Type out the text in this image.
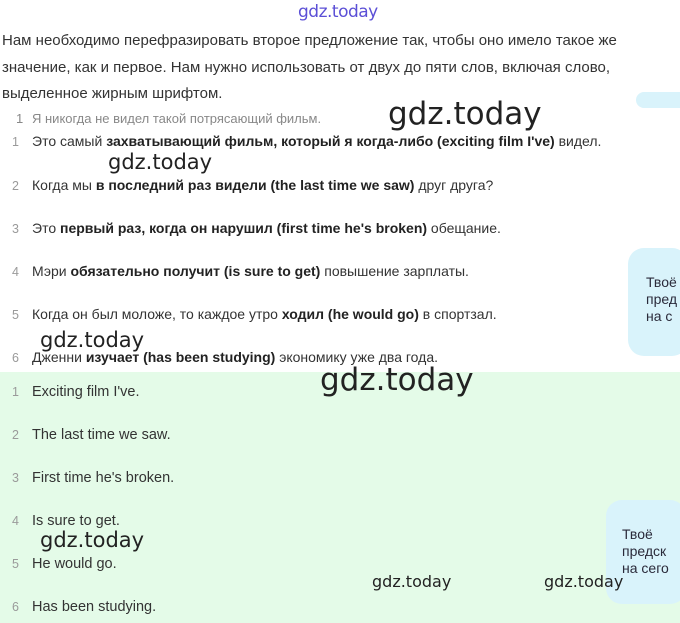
gdz.today
Нам необходимо перефразировать второе предложение так, чтобы оно имело такое же значение, как и первое. Нам нужно использовать от двух до пяти слов, включая слово, выделенное жирным шрифтом.
1 Я никогда не видел такой потрясающий фильм.
1 Это самый захватывающий фильм, который я когда-либо (exciting film I've) видел.
2 Когда мы в последний раз видели (the last time we saw) друг друга?
3 Это первый раз, когда он нарушил (first time he's broken) обещание.
4 Мэри обязательно получит (is sure to get) повышение зарплаты.
5 Когда он был моложе, то каждое утро ходил (he would go) в спортзал.
6 Дженни изучает (has been studying) экономику уже два года.
Твоё
пред
на с
1 Exciting film I've.
2 The last time we saw.
3 First time he's broken.
4 Is sure to get.
5 He would go.
6 Has been studying.
Твоё
предск
на сего
gdz.today
gdz.today
gdz.today
gdz.today
gdz.today
gdz.today	gdz.today
